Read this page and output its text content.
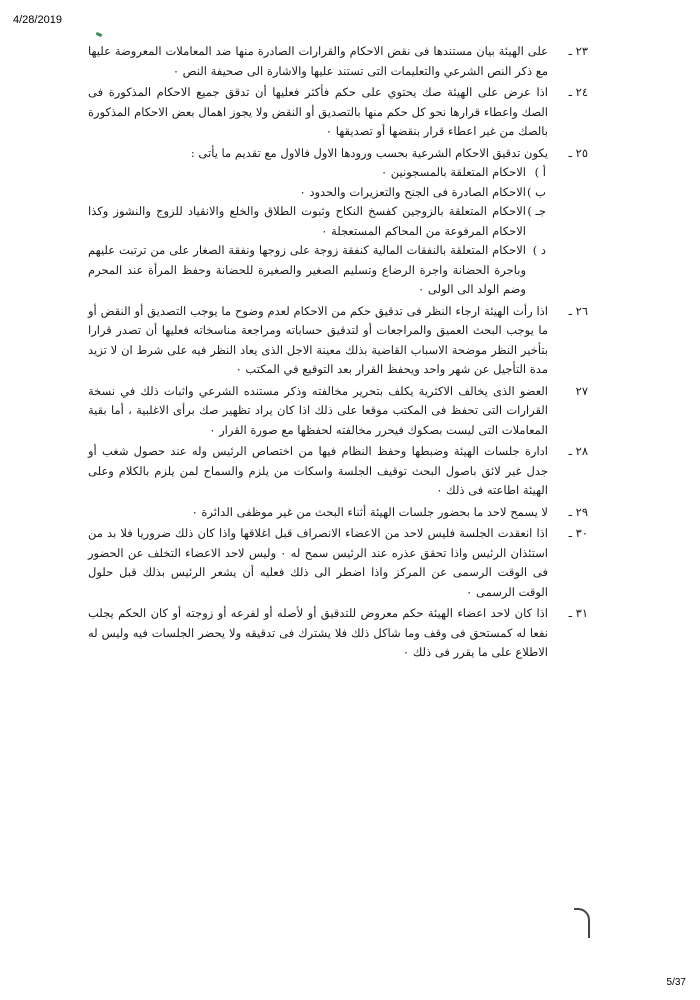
4/28/2019
٢٣ ـ
على الهيئة بيان مستندها فى نقض الاحكام والقرارات الصادرة منها ضد المعاملات المعروضة عليها مع ذكر النص الشرعي والتعليمات التى تستند عليها والاشارة الى صحيفة النص ٠
٢٤ ـ
اذا عرض على الهيئة صك يحتوي على حكم فأكثر فعليها أن تدقق جميع الاحكام المذكورة فى الصك واعطاء قرارها نحو كل حكم منها بالتصديق أو النقض ولا يجوز اهمال بعض الاحكام المذكورة بالصك من غير اعطاء قرار بنقضها أو تصديقها ٠
٢٥ ـ
يكون تدقيق الاحكام الشرعية بحسب ورودها الاول فالاول مع تقديم ما يأتى :
أ )
الاحكام المتعلقة بالمسجونين ٠
ب )
الاحكام الصادرة فى الجنح والتعزيرات والحدود ٠
جـ )
الاحكام المتعلقة بالزوجين كفسخ النكاح وثبوت الطلاق والخلع والانقياد للزوج والنشوز وكذا الاحكام المرفوعة من المحاكم المستعجلة ٠
د )
الاحكام المتعلقة بالنفقات المالية كنفقة زوجة على زوجها ونفقة الصغار على من ترتبت عليهم وباجرة الحضانة واجرة الرضاع وتسليم الصغير والصغيرة للحضانة وحفظ المرأة عند المحرم وضم الولد الى الولى ٠
٢٦ ـ
اذا رأت الهيئة ارجاء النظر فى تدقيق حكم من الاحكام لعدم وضوح ما يوجب التصديق أو النقض أو ما يوجب البحث العميق والمراجعات أو لتدقيق حساباته ومراجعة مناسخاته فعليها أن تصدر قرارا بتأخير النظر موضحة الاسباب القاضية بذلك معينة الاجل الذى يعاد النظر فيه على شرط ان لا تزيد مدة التأجيل عن شهر واحد ويحفظ القرار بعد التوقيع في المكتب ٠
٢٧
العضو الذى يخالف الاكثرية يكلف بتحرير مخالفته وذكر مستنده الشرعي واثبات ذلك في نسخة القرارات التى تحفظ فى المكتب موقعا على ذلك اذا كان يراد تظهير صك برأى الاغلبية ، أما بقية المعاملات التى ليست بصكوك فيحرر مخالفته لحفظها مع صورة القرار ٠
٢٨ ـ
ادارة جلسات الهيئة وضبطها وحفظ النظام فيها من اختصاص الرئيس وله عند حصول شغب أو جدل غير لائق باصول البحث توقيف الجلسة واسكات من يلزم والسماح لمن يلزم بالكلام وعلى الهيئة اطاعته فى ذلك ٠
٢٩ ـ
لا يسمح لاحد ما بحضور جلسات الهيئة أثناء البحث من غير موظفى الدائرة ٠
٣٠ ـ
اذا انعقدت الجلسة فليس لاحد من الاعضاء الانصراف قبل اغلاقها واذا كان ذلك ضروريا فلا بد من استئذان الرئيس واذا تحقق عذره عند الرئيس سمح له ٠ وليس لاحد الاعضاء التخلف عن الحضور فى الوقت الرسمى عن المركز واذا اضطر الى ذلك فعليه أن يشعر الرئيس بذلك قبل حلول الوقت الرسمى ٠
٣١ ـ
اذا كان لاحد اعضاء الهيئة حكم معروض للتدقيق أو لأصله أو لفرعه أو زوجته أو كان الحكم يجلب نفعا له كمستحق فى وقف وما شاكل ذلك فلا يشترك فى تدقيقه ولا يحضر الجلسات فيه وليس له الاطلاع على ما يقرر فى ذلك ٠
5/37
